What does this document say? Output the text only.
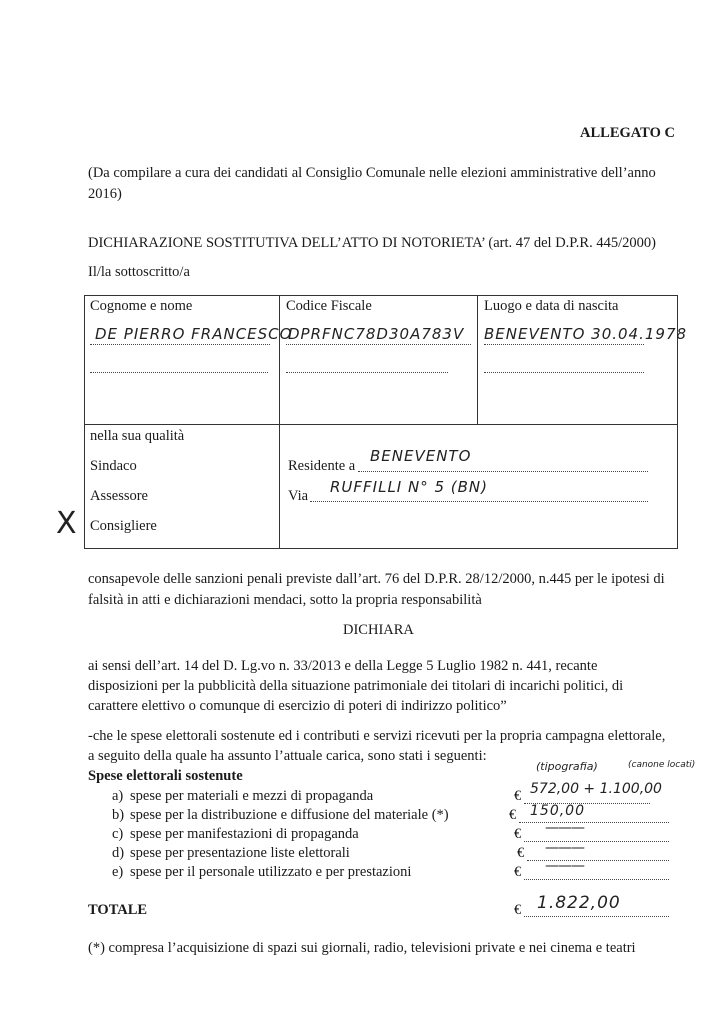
ALLEGATO C
(Da compilare a cura dei candidati al Consiglio Comunale nelle elezioni amministrative dell’anno
2016)
DICHIARAZIONE SOSTITUTIVA DELL’ATTO DI NOTORIETA’ (art. 47 del D.P.R. 445/2000)
Il/la sottoscritto/a
Cognome e nome	Codice Fiscale	Luogo e data di nascita
DE PIERRO FRANCESCO
DPRFNC78D30A783V BENEVENTO 30.04.1978
nella sua qualità
Sindaco
Assessore
Consigliere
X
Residente a
BENEVENTO
Via RUFFILLI N° 5 (BN)
consapevole delle sanzioni penali previste dall’art. 76 del D.P.R. 28/12/2000, n.445 per le ipotesi di
falsità in atti e dichiarazioni mendaci, sotto la propria responsabilità
DICHIARA
ai sensi dell’art. 14 del D. Lg.vo n. 33/2013 e della Legge 5 Luglio 1982 n. 441, recante
disposizioni per la pubblicità della situazione patrimoniale dei titolari di incarichi politici, di
carattere elettivo o comunque di esercizio di poteri di indirizzo politico”
-che le spese elettorali sostenute ed i contributi e servizi ricevuti per la propria campagna elettorale,
a seguito della quale ha assunto l’attuale carica, sono stati i seguenti:
Spese elettorali sostenute
(tipografia)	(canone locati)
a) spese per materiali e mezzi di propaganda	€ 572,00 + 1.100,00
b) spese per la distribuzione e diffusione del materiale (*)	€ 150,00
c) spese per manifestazioni di propaganda	€ ———
d) spese per presentazione liste elettorali	€ ———
e) spese per il personale utilizzato e per prestazioni	€ ———
TOTALE	€ 1.822,00
(*) compresa l’acquisizione di spazi sui giornali, radio, televisioni private e nei cinema e teatri
